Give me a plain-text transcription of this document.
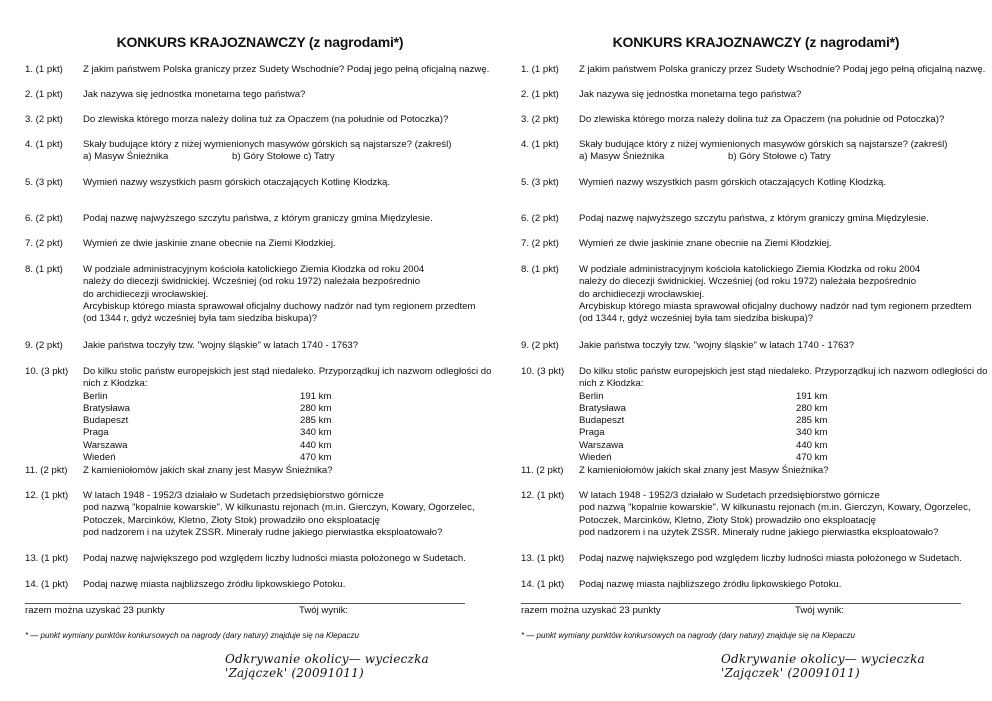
KONKURS KRAJOZNAWCZY (z nagrodami*)
1. (1 pkt)	Z jakim państwem Polska graniczy przez Sudety Wschodnie? Podaj jego pełną oficjalną nazwę.
2. (1 pkt)	Jak nazywa się jednostka monetarna tego państwa?
3. (2 pkt)	Do zlewiska którego morza należy dolina tuż za Opaczem (na południe od Potoczka)?
4. (1 pkt)	Skały budujące który z niżej wymienionych masywów górskich są najstarsze? (zakreśl)
a) Masyw Śnieżnika	b) Góry Stołowe c) Tatry
5. (3 pkt)	Wymień nazwy wszystkich pasm górskich otaczających Kotlinę Kłodzką.
6. (2 pkt)	Podaj nazwę najwyższego szczytu państwa, z którym graniczy gmina Międzylesie.
7. (2 pkt)	Wymień ze dwie jaskinie znane obecnie na Ziemi Kłodzkiej.
8. (1 pkt)	W podziale administracyjnym kościoła katolickiego Ziemia Kłodzka od roku 2004
należy do diecezji świdnickiej. Wcześniej (od roku 1972) należała bezpośrednio
do archidiecezji wrocławskiej.
Arcybiskup którego miasta sprawował oficjalny duchowy nadzór nad tym regionem przedtem
(od 1344 r, gdyż wcześniej była tam siedziba biskupa)?
9. (2 pkt)	Jakie państwa toczyły tzw. "wojny śląskie" w latach 1740 - 1763?
10. (3 pkt)	Do kilku stolic państw europejskich jest stąd niedaleko. Przyporządkuj ich nazwom odległości do
nich z Kłodzka:
Berlin	191 km
Bratysława	280 km
Budapeszt	285 km
Praga	340 km
Warszawa	440 km
Wiedeń	470 km
11. (2 pkt)	Z kamieniołomów jakich skał znany jest Masyw Śnieżnika?
12. (1 pkt)	W latach 1948 - 1952/3 działało w Sudetach przedsiębiorstwo górnicze
pod nazwą "kopalnie kowarskie". W kilkunastu rejonach (m.in. Gierczyn, Kowary, Ogorzelec,
Potoczek, Marcinków, Kletno, Złoty Stok) prowadziło ono eksploatację
pod nadzorem i na użytek ZSSR. Minerały rudne jakiego pierwiastka eksploatowało?
13. (1 pkt)	Podaj nazwę największego pod względem liczby ludności miasta położonego w Sudetach.
14. (1 pkt)	Podaj nazwę miasta najbliższego źródłu lipkowskiego Potoku.
razem można uzyskać 23 punkty	Twój wynik:
* — punkt wymiany punktów konkursowych na nagrody (dary natury) znajduje się na Klepaczu
Odkrywanie okolicy— wycieczka 'Zajączek' (20091011)
KONKURS KRAJOZNAWCZY (z nagrodami*)
1. (1 pkt)	Z jakim państwem Polska graniczy przez Sudety Wschodnie? Podaj jego pełną oficjalną nazwę.
2. (1 pkt)	Jak nazywa się jednostka monetarna tego państwa?
3. (2 pkt)	Do zlewiska którego morza należy dolina tuż za Opaczem (na południe od Potoczka)?
4. (1 pkt)	Skały budujące który z niżej wymienionych masywów górskich są najstarsze? (zakreśl)
a) Masyw Śnieżnika	b) Góry Stołowe c) Tatry
5. (3 pkt)	Wymień nazwy wszystkich pasm górskich otaczających Kotlinę Kłodzką.
6. (2 pkt)	Podaj nazwę najwyższego szczytu państwa, z którym graniczy gmina Międzylesie.
7. (2 pkt)	Wymień ze dwie jaskinie znane obecnie na Ziemi Kłodzkiej.
8. (1 pkt)	W podziale administracyjnym kościoła katolickiego Ziemia Kłodzka od roku 2004
należy do diecezji świdnickiej. Wcześniej (od roku 1972) należała bezpośrednio
do archidiecezji wrocławskiej.
Arcybiskup którego miasta sprawował oficjalny duchowy nadzór nad tym regionem przedtem
(od 1344 r, gdyż wcześniej była tam siedziba biskupa)?
9. (2 pkt)	Jakie państwa toczyły tzw. "wojny śląskie" w latach 1740 - 1763?
10. (3 pkt)	Do kilku stolic państw europejskich jest stąd niedaleko. Przyporządkuj ich nazwom odległości do
nich z Kłodzka:
Berlin	191 km
Bratysława	280 km
Budapeszt	285 km
Praga	340 km
Warszawa	440 km
Wiedeń	470 km
11. (2 pkt)	Z kamieniołomów jakich skał znany jest Masyw Śnieżnika?
12. (1 pkt)	W latach 1948 - 1952/3 działało w Sudetach przedsiębiorstwo górnicze
pod nazwą "kopalnie kowarskie". W kilkunastu rejonach (m.in. Gierczyn, Kowary, Ogorzelec,
Potoczek, Marcinków, Kletno, Złoty Stok) prowadziło ono eksploatację
pod nadzorem i na użytek ZSSR. Minerały rudne jakiego pierwiastka eksploatowało?
13. (1 pkt)	Podaj nazwę największego pod względem liczby ludności miasta położonego w Sudetach.
14. (1 pkt)	Podaj nazwę miasta najbliższego źródłu lipkowskiego Potoku.
razem można uzyskać 23 punkty	Twój wynik:
* — punkt wymiany punktów konkursowych na nagrody (dary natury) znajduje się na Klepaczu
Odkrywanie okolicy— wycieczka 'Zajączek' (20091011)
